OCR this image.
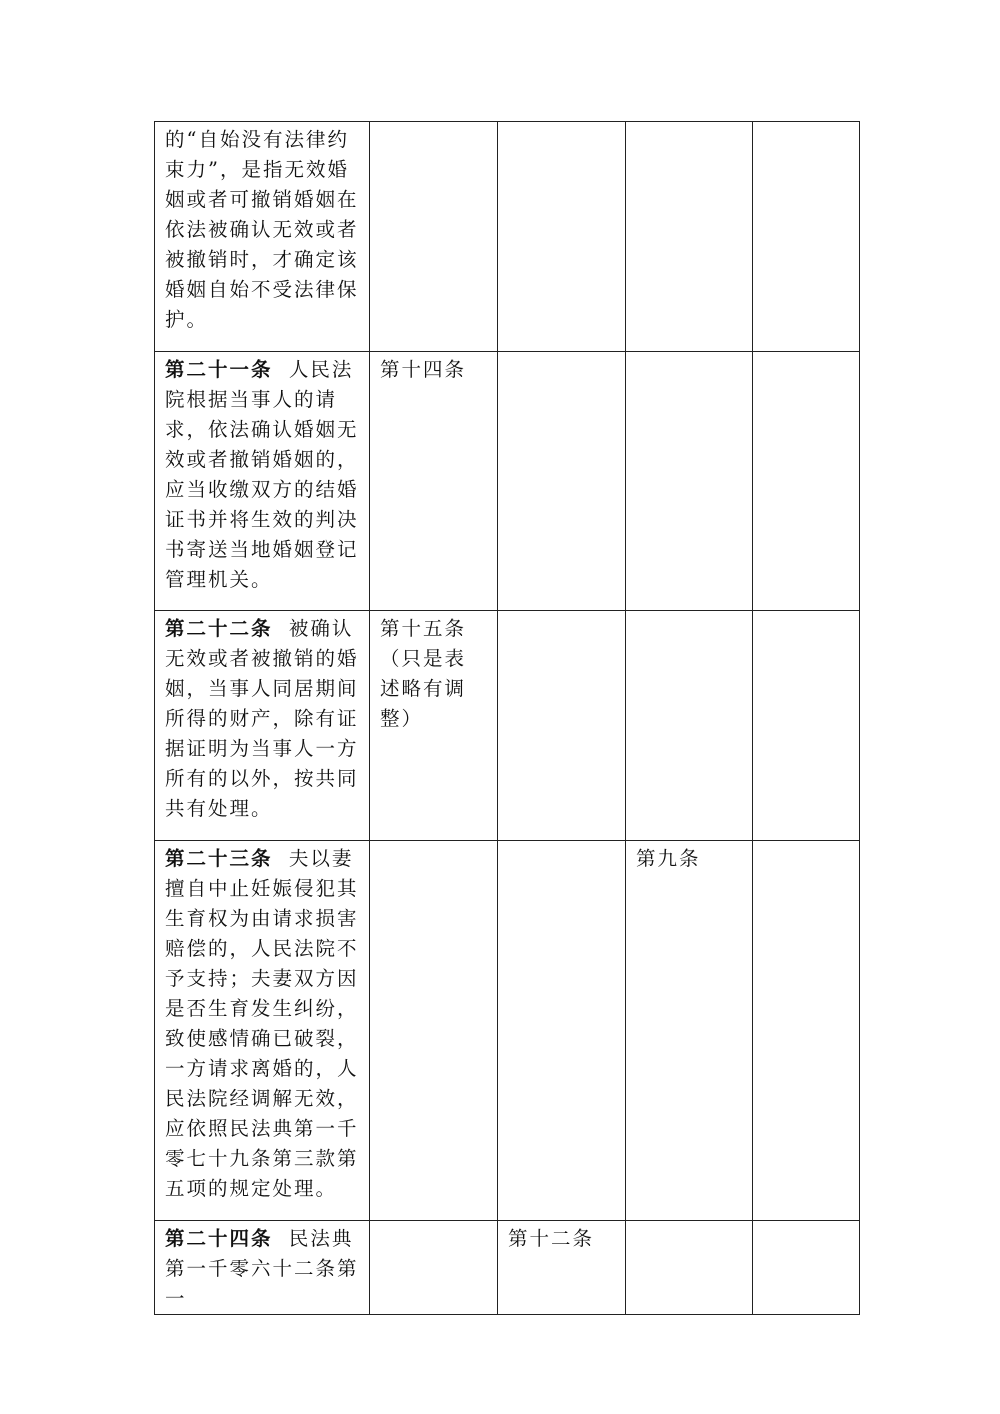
的“自始没有法律约束力”，是指无效婚姻或者可撤销婚姻在依法被确认无效或者被撤销时，才确定该婚姻自始不受法律保护。				
第二十一条  人民法院根据当事人的请求，依法确认婚姻无效或者撤销婚姻的，应当收缴双方的结婚证书并将生效的判决书寄送当地婚姻登记管理机关。	第十四条			
第二十二条  被确认无效或者被撤销的婚姻，当事人同居期间所得的财产，除有证据证明为当事人一方所有的以外，按共同共有处理。	第十五条
（只是表述略有调整）			
第二十三条  夫以妻擅自中止妊娠侵犯其生育权为由请求损害赔偿的，人民法院不予支持；夫妻双方因是否生育发生纠纷，致使感情确已破裂，一方请求离婚的，人民法院经调解无效，应依照民法典第一千零七十九条第三款第五项的规定处理。			第九条	
第二十四条  民法典第一千零六十二条第一		第十二条		
